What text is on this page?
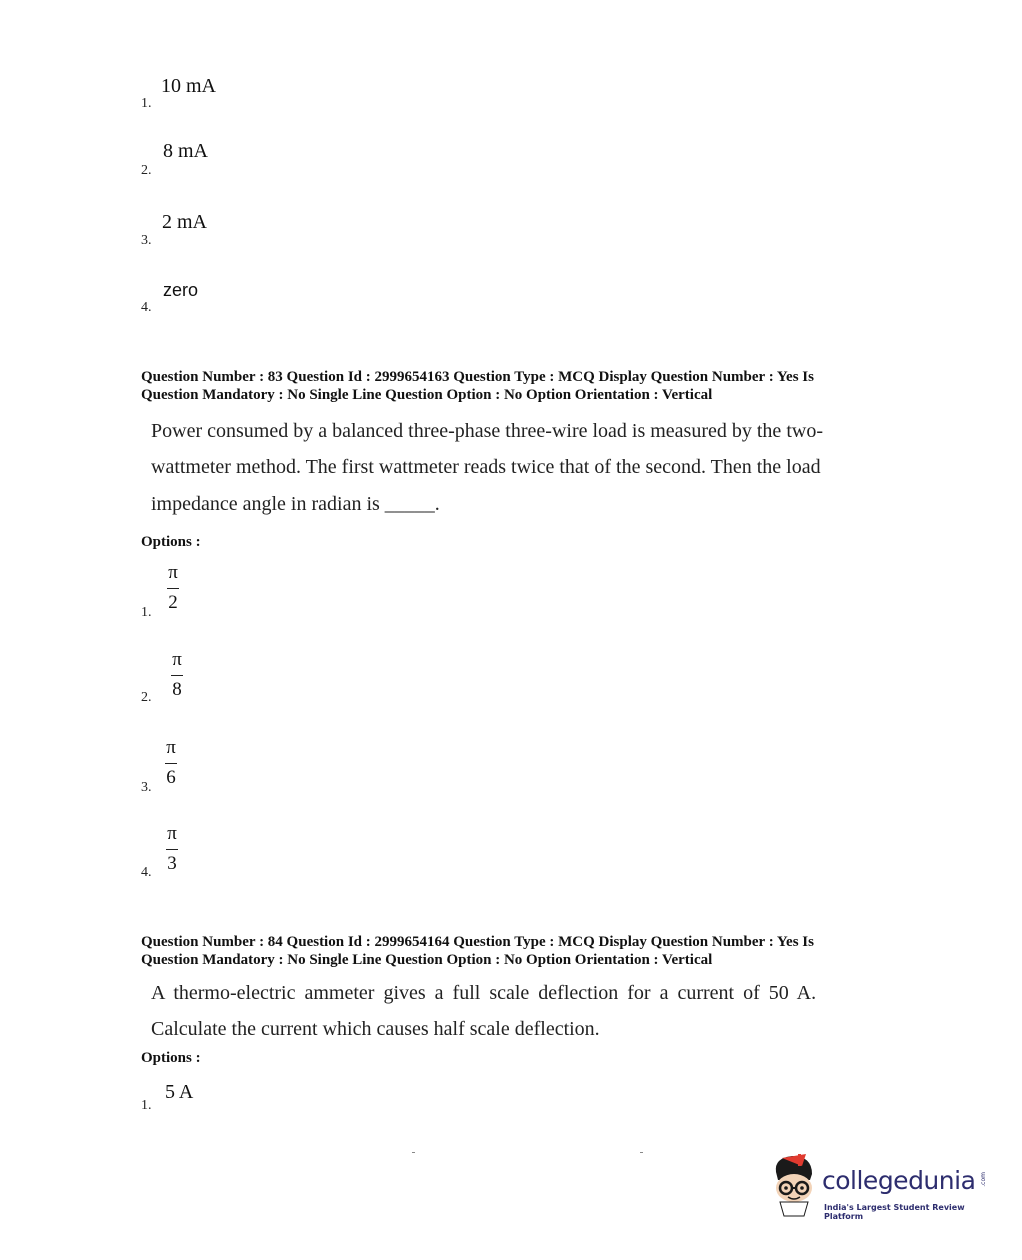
10 mA
1.
8 mA
2.
2 mA
3.
zero
4.
Question Number : 83 Question Id : 2999654163 Question Type : MCQ Display Question Number : Yes Is
Question Mandatory : No Single Line Question Option : No Option Orientation : Vertical
Power consumed by a balanced three-phase three-wire load is measured by the two-
wattmeter method. The first wattmeter reads twice that of the second. Then the load
impedance angle in radian is _____.
Options :
π
2
1.
π
8
2.
π
6
3.
π
3
4.
Question Number : 84 Question Id : 2999654164 Question Type : MCQ Display Question Number : Yes Is
Question Mandatory : No Single Line Question Option : No Option Orientation : Vertical
A thermo-electric ammeter gives a full scale deflection for a current of 50 A.
Calculate the current which causes half scale deflection.
Options :
5 A
1.
collegedunia .com
India's Largest Student Review Platform
